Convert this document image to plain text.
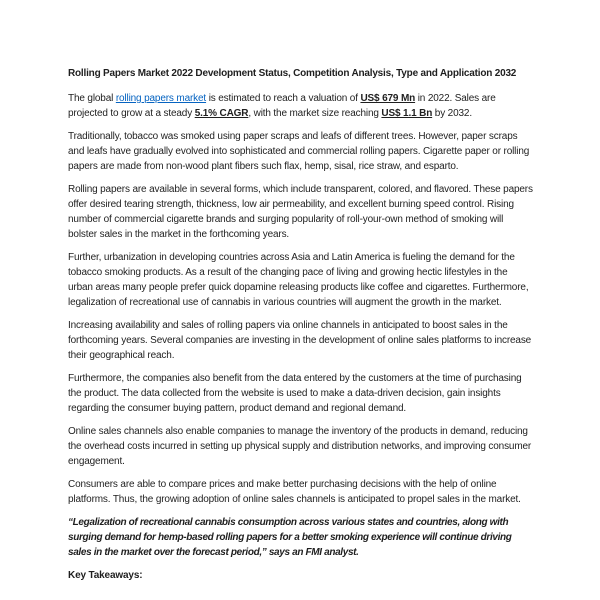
Rolling Papers Market 2022 Development Status, Competition Analysis, Type and Application 2032

The global rolling papers market is estimated to reach a valuation of US$ 679 Mn in 2022. Sales are projected to grow at a steady 5.1% CAGR, with the market size reaching US$ 1.1 Bn by 2032.

Traditionally, tobacco was smoked using paper scraps and leafs of different trees. However, paper scraps and leafs have gradually evolved into sophisticated and commercial rolling papers. Cigarette paper or rolling papers are made from non-wood plant fibers such flax, hemp, sisal, rice straw, and esparto.

Rolling papers are available in several forms, which include transparent, colored, and flavored. These papers offer desired tearing strength, thickness, low air permeability, and excellent burning speed control. Rising number of commercial cigarette brands and surging popularity of roll-your-own method of smoking will bolster sales in the market in the forthcoming years.

Further, urbanization in developing countries across Asia and Latin America is fueling the demand for the tobacco smoking products. As a result of the changing pace of living and growing hectic lifestyles in the urban areas many people prefer quick dopamine releasing products like coffee and cigarettes. Furthermore, legalization of recreational use of cannabis in various countries will augment the growth in the market.

Increasing availability and sales of rolling papers via online channels in anticipated to boost sales in the forthcoming years. Several companies are investing in the development of online sales platforms to increase their geographical reach.

Furthermore, the companies also benefit from the data entered by the customers at the time of purchasing the product. The data collected from the website is used to make a data-driven decision, gain insights regarding the consumer buying pattern, product demand and regional demand.

Online sales channels also enable companies to manage the inventory of the products in demand, reducing the overhead costs incurred in setting up physical supply and distribution networks, and improving consumer engagement.

Consumers are able to compare prices and make better purchasing decisions with the help of online platforms. Thus, the growing adoption of online sales channels is anticipated to propel sales in the market.

“Legalization of recreational cannabis consumption across various states and countries, along with surging demand for hemp-based rolling papers for a better smoking experience will continue driving sales in the market over the forecast period,” says an FMI analyst.

Key Takeaways:
